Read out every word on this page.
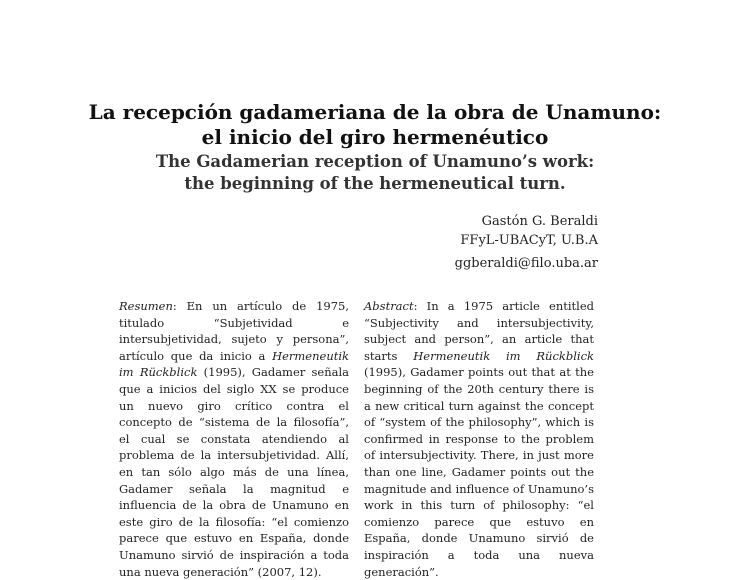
La recepción gadameriana de la obra de Unamuno:
el inicio del giro hermenéutico
The Gadamerian reception of Unamuno’s work:
the beginning of the hermeneutical turn.
Gastón G. Beraldi
FFyL-UBACyT, U.B.A
ggberaldi@filo.uba.ar

Resumen: En un artículo de 1975, titulado “Subjetividad e intersubjetividad, sujeto y persona”, artículo que da inicio a Hermeneutik im Rückblick (1995), Gadamer señala que a inicios del siglo XX se produce un nuevo giro crítico contra el concepto de “sistema de la filosofía”, el cual se constata atendiendo al problema de la intersubjetividad. Allí, en tan sólo algo más de una línea, Gadamer señala la magnitud e influencia de la obra de Unamuno en este giro de la filosofía: “el comienzo parece que estuvo en España, donde Unamuno sirvió de inspiración a toda una nueva generación” (2007, 12).

Abstract: In a 1975 article entitled “Subjectivity and intersubjectivity, subject and person”, an article that starts Hermeneutik im Rückblick (1995), Gadamer points out that at the beginning of the 20th century there is a new critical turn against the concept of “system of the philosophy”, which is confirmed in response to the problem of intersubjectivity. There, in just more than one line, Gadamer points out the magnitude and influence of Unamuno’s work in this turn of philosophy: “el comienzo parece que estuvo en España, donde Unamuno sirvió de inspiración a toda una nueva generación”.
